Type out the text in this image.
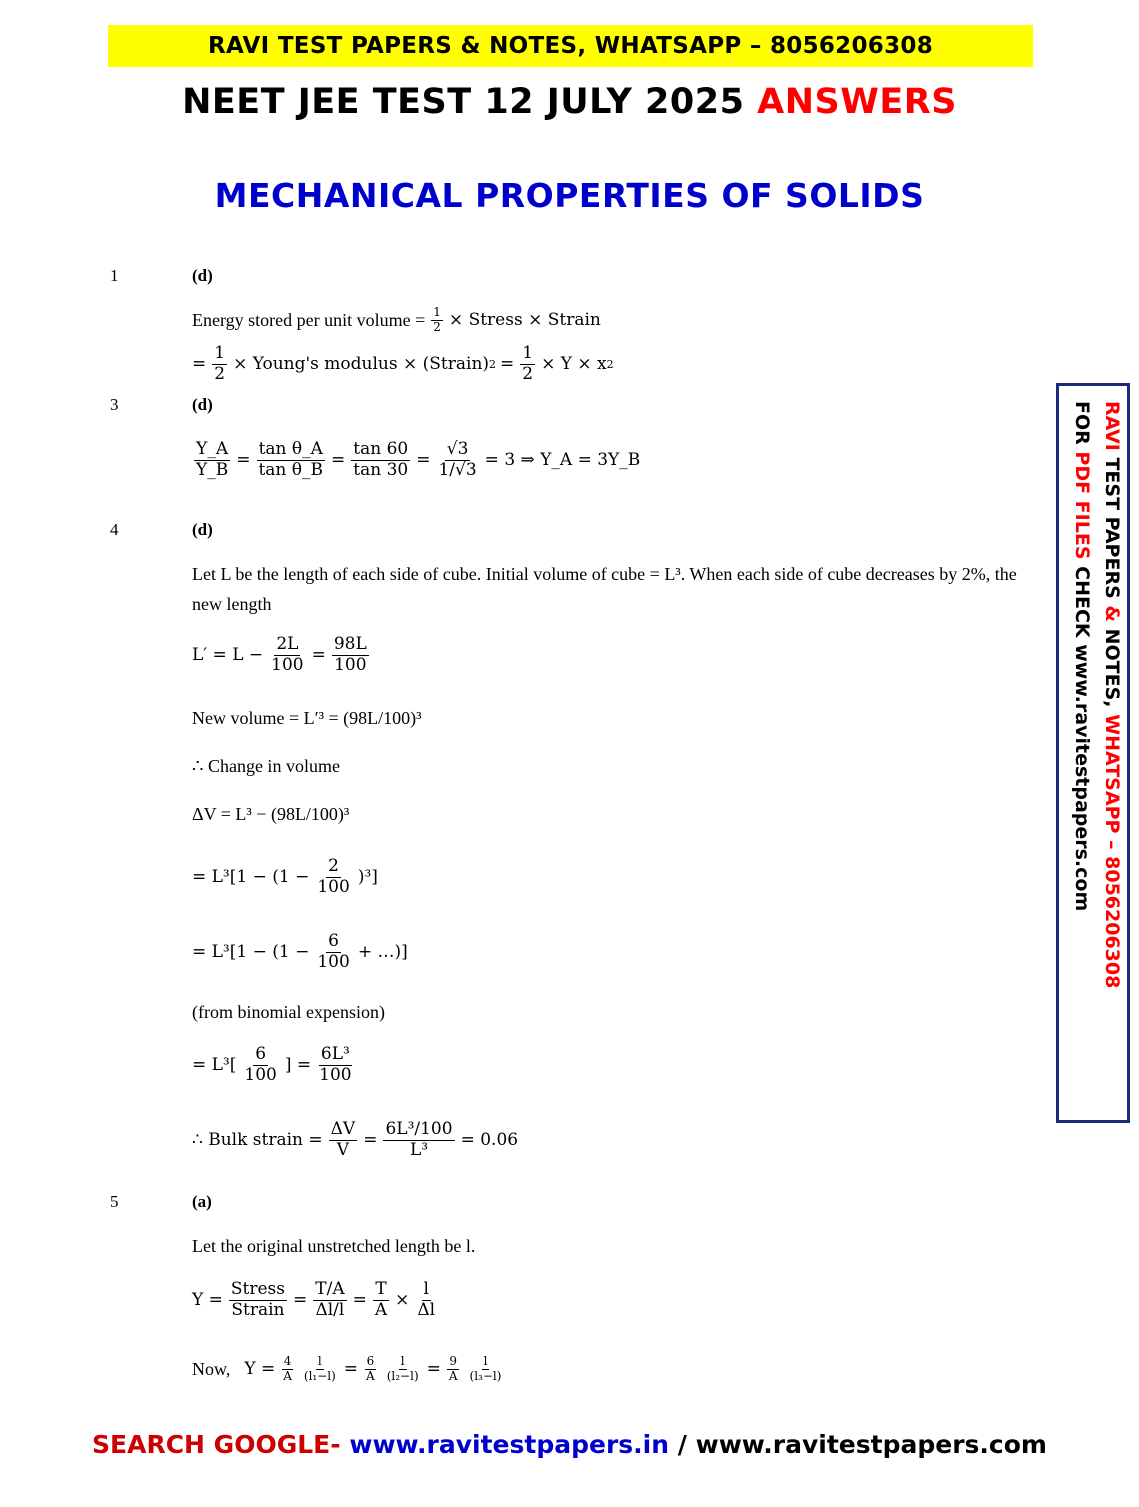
RAVI TEST PAPERS & NOTES, WHATSAPP – 8056206308
NEET JEE TEST 12 JULY 2025 ANSWERS
MECHANICAL PROPERTIES OF SOLIDS
1	(d)
Energy stored per unit volume = $\frac{1}{2}$ × Stress × Strain
= $\frac{1}{2}$ × Young's modulus × (Strain) $2 = \frac{1}{2} \times Y \times x$ 2
3	(d)
$\frac{Y\_A}{Y\_B} = \frac{\text{tan θ\_A}}{\text{tan θ\_B}} = \frac{\tan 60}{\tan 30} = \frac{√3}{1/√3} = 3$ ⇒ Y_A = 3Y_B
4	(d)
Let L be the length of each side of cube. Initial volume of cube = L³. When each side of cube decreases by 2%, the new length
$L' = L - \frac{2L}{100} = \frac{98L}{100}$
New volume = L′³ = (98L/100)³
∴ Change in volume
ΔV = L³ − (98L/100)³
= $L^3[1 - (1 - \frac{2}{100} )^3]$
= $L^3[1 - (1 - \frac{6}{100}$ + …)]
(from binomial expension)
= $L^3[ \frac{6}{100}$ ] = $\frac{\text{6L³}}{100}$
∴ Bulk strain = $\frac{\Delta V}{V} = \frac{\text{6L³/100}}{\text{L³}} = 0.06$
5	(a)
Let the original unstretched length be l.
$Y = \frac{\text{Stress}}{\text{Strain}} = \frac{T/A}{\Delta l/l} = \frac{T}{A} \times \frac{l}{\Delta l}$
Now, $Y = \frac{4}{A} \frac{l}{\text{(l₁−l)}} = \frac{6}{A} \frac{l}{\text{(l₂−l)}} = \frac{9}{A} \frac{l}{\text{(l₃−l)}}$
RAVI TEST PAPERS & NOTES, WHATSAPP – 8056206308
FOR PDF FILES CHECK www.ravitestpapers.com
SEARCH GOOGLE- www.ravitestpapers.in / www.ravitestpapers.com
